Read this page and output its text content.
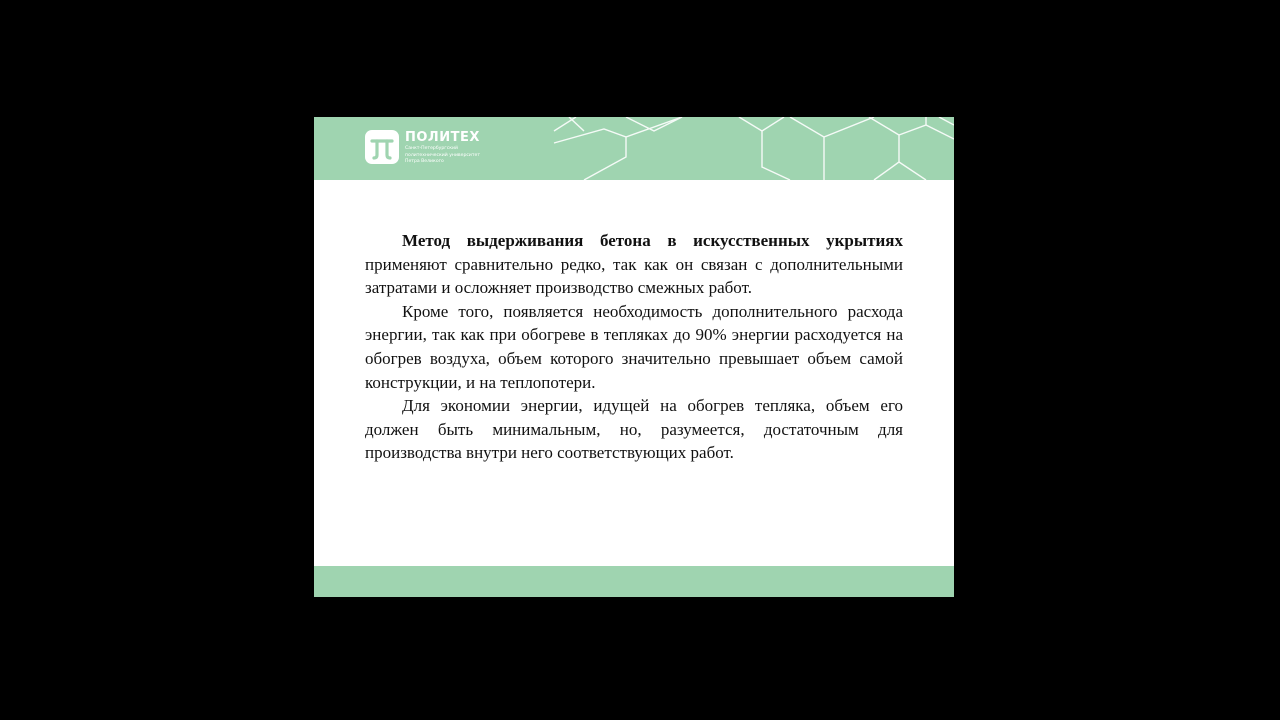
ПОЛИТЕХ
Санкт-Петербургский
политехнический университет
Петра Великого

Метод выдерживания бетона в искусственных укрытиях применяют сравнительно редко, так как он связан с дополнительными затратами и осложняет производство смежных работ.

Кроме того, появляется необходимость дополнительного расхода энергии, так как при обогреве в тепляках до 90% энергии расходуется на обогрев воздуха, объем которого значительно превышает объем самой конструкции, и на теплопотери.

Для экономии энергии, идущей на обогрев тепляка, объем его должен быть минимальным, но, разумеется, достаточным для производства внутри него соответствующих работ.
